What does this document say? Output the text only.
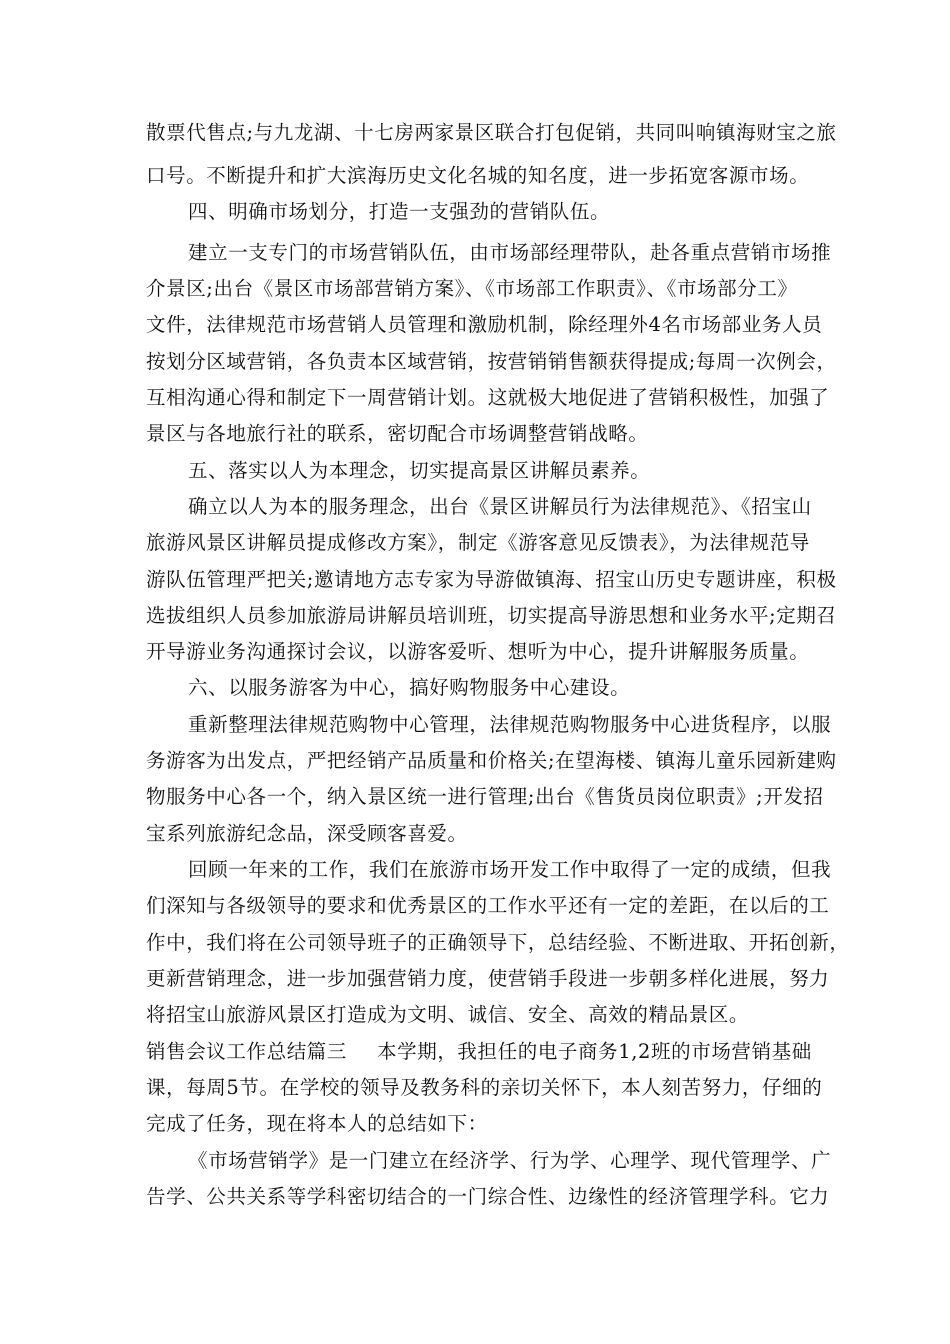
散票代售点;与九龙湖、十七房两家景区联合打包促销，共同叫响镇海财宝之旅
口号。不断提升和扩大滨海历史文化名城的知名度，进一步拓宽客源市场。
四、明确市场划分，打造一支强劲的营销队伍。
建立一支专门的市场营销队伍，由市场部经理带队，赴各重点营销市场推
介景区;出台《景区市场部营销方案》、《市场部工作职责》、《市场部分工》
文件，法律规范市场营销人员管理和激励机制，除经理外4名市场部业务人员
按划分区域营销，各负责本区域营销，按营销销售额获得提成;每周一次例会，
互相沟通心得和制定下一周营销计划。这就极大地促进了营销积极性，加强了
景区与各地旅行社的联系，密切配合市场调整营销战略。
五、落实以人为本理念，切实提高景区讲解员素养。
确立以人为本的服务理念，出台《景区讲解员行为法律规范》、《招宝山
旅游风景区讲解员提成修改方案》，制定《游客意见反馈表》，为法律规范导
游队伍管理严把关;邀请地方志专家为导游做镇海、招宝山历史专题讲座，积极
选拔组织人员参加旅游局讲解员培训班，切实提高导游思想和业务水平;定期召
开导游业务沟通探讨会议，以游客爱听、想听为中心，提升讲解服务质量。
六、以服务游客为中心，搞好购物服务中心建设。
重新整理法律规范购物中心管理，法律规范购物服务中心进货程序，以服
务游客为出发点，严把经销产品质量和价格关;在望海楼、镇海儿童乐园新建购
物服务中心各一个，纳入景区统一进行管理;出台《售货员岗位职责》;开发招
宝系列旅游纪念品，深受顾客喜爱。
回顾一年来的工作，我们在旅游市场开发工作中取得了一定的成绩，但我
们深知与各级领导的要求和优秀景区的工作水平还有一定的差距，在以后的工
作中，我们将在公司领导班子的正确领导下，总结经验、不断进取、开拓创新，
更新营销理念，进一步加强营销力度，使营销手段进一步朝多样化进展，努力
将招宝山旅游风景区打造成为文明、诚信、安全、高效的精品景区。
销售会议工作总结篇三 本学期，我担任的电子商务1,2班的市场营销基础
课，每周5节。在学校的领导及教务科的亲切关怀下，本人刻苦努力，仔细的
完成了任务，现在将本人的总结如下：
《市场营销学》是一门建立在经济学、行为学、心理学、现代管理学、广
告学、公共关系等学科密切结合的一门综合性、边缘性的经济管理学科。它力
